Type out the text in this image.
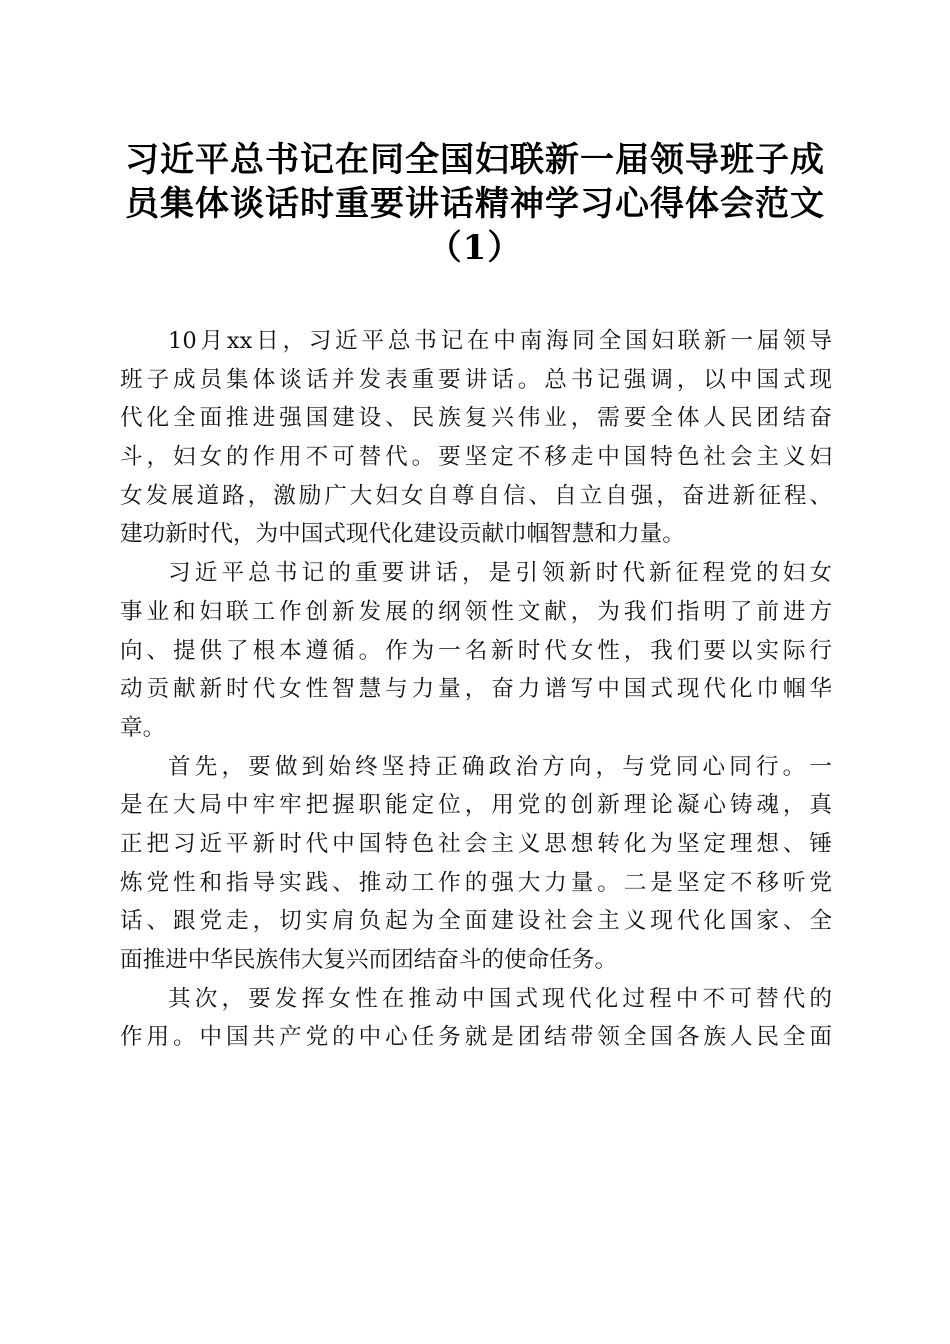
习近平总书记在同全国妇联新一届领导班子成
员集体谈话时重要讲话精神学习心得体会范文
（1）
10月xx日，习近平总书记在中南海同全国妇联新一届领导
班子成员集体谈话并发表重要讲话。总书记强调，以中国式现
代化全面推进强国建设、民族复兴伟业，需要全体人民团结奋
斗，妇女的作用不可替代。要坚定不移走中国特色社会主义妇
女发展道路，激励广大妇女自尊自信、自立自强，奋进新征程、
建功新时代，为中国式现代化建设贡献巾帼智慧和力量。
习近平总书记的重要讲话，是引领新时代新征程党的妇女
事业和妇联工作创新发展的纲领性文献，为我们指明了前进方
向、提供了根本遵循。作为一名新时代女性，我们要以实际行
动贡献新时代女性智慧与力量，奋力谱写中国式现代化巾帼华
章。
首先，要做到始终坚持正确政治方向，与党同心同行。一
是在大局中牢牢把握职能定位，用党的创新理论凝心铸魂，真
正把习近平新时代中国特色社会主义思想转化为坚定理想、锤
炼党性和指导实践、推动工作的强大力量。二是坚定不移听党
话、跟党走，切实肩负起为全面建设社会主义现代化国家、全
面推进中华民族伟大复兴而团结奋斗的使命任务。
其次，要发挥女性在推动中国式现代化过程中不可替代的
作用。中国共产党的中心任务就是团结带领全国各族人民全面
